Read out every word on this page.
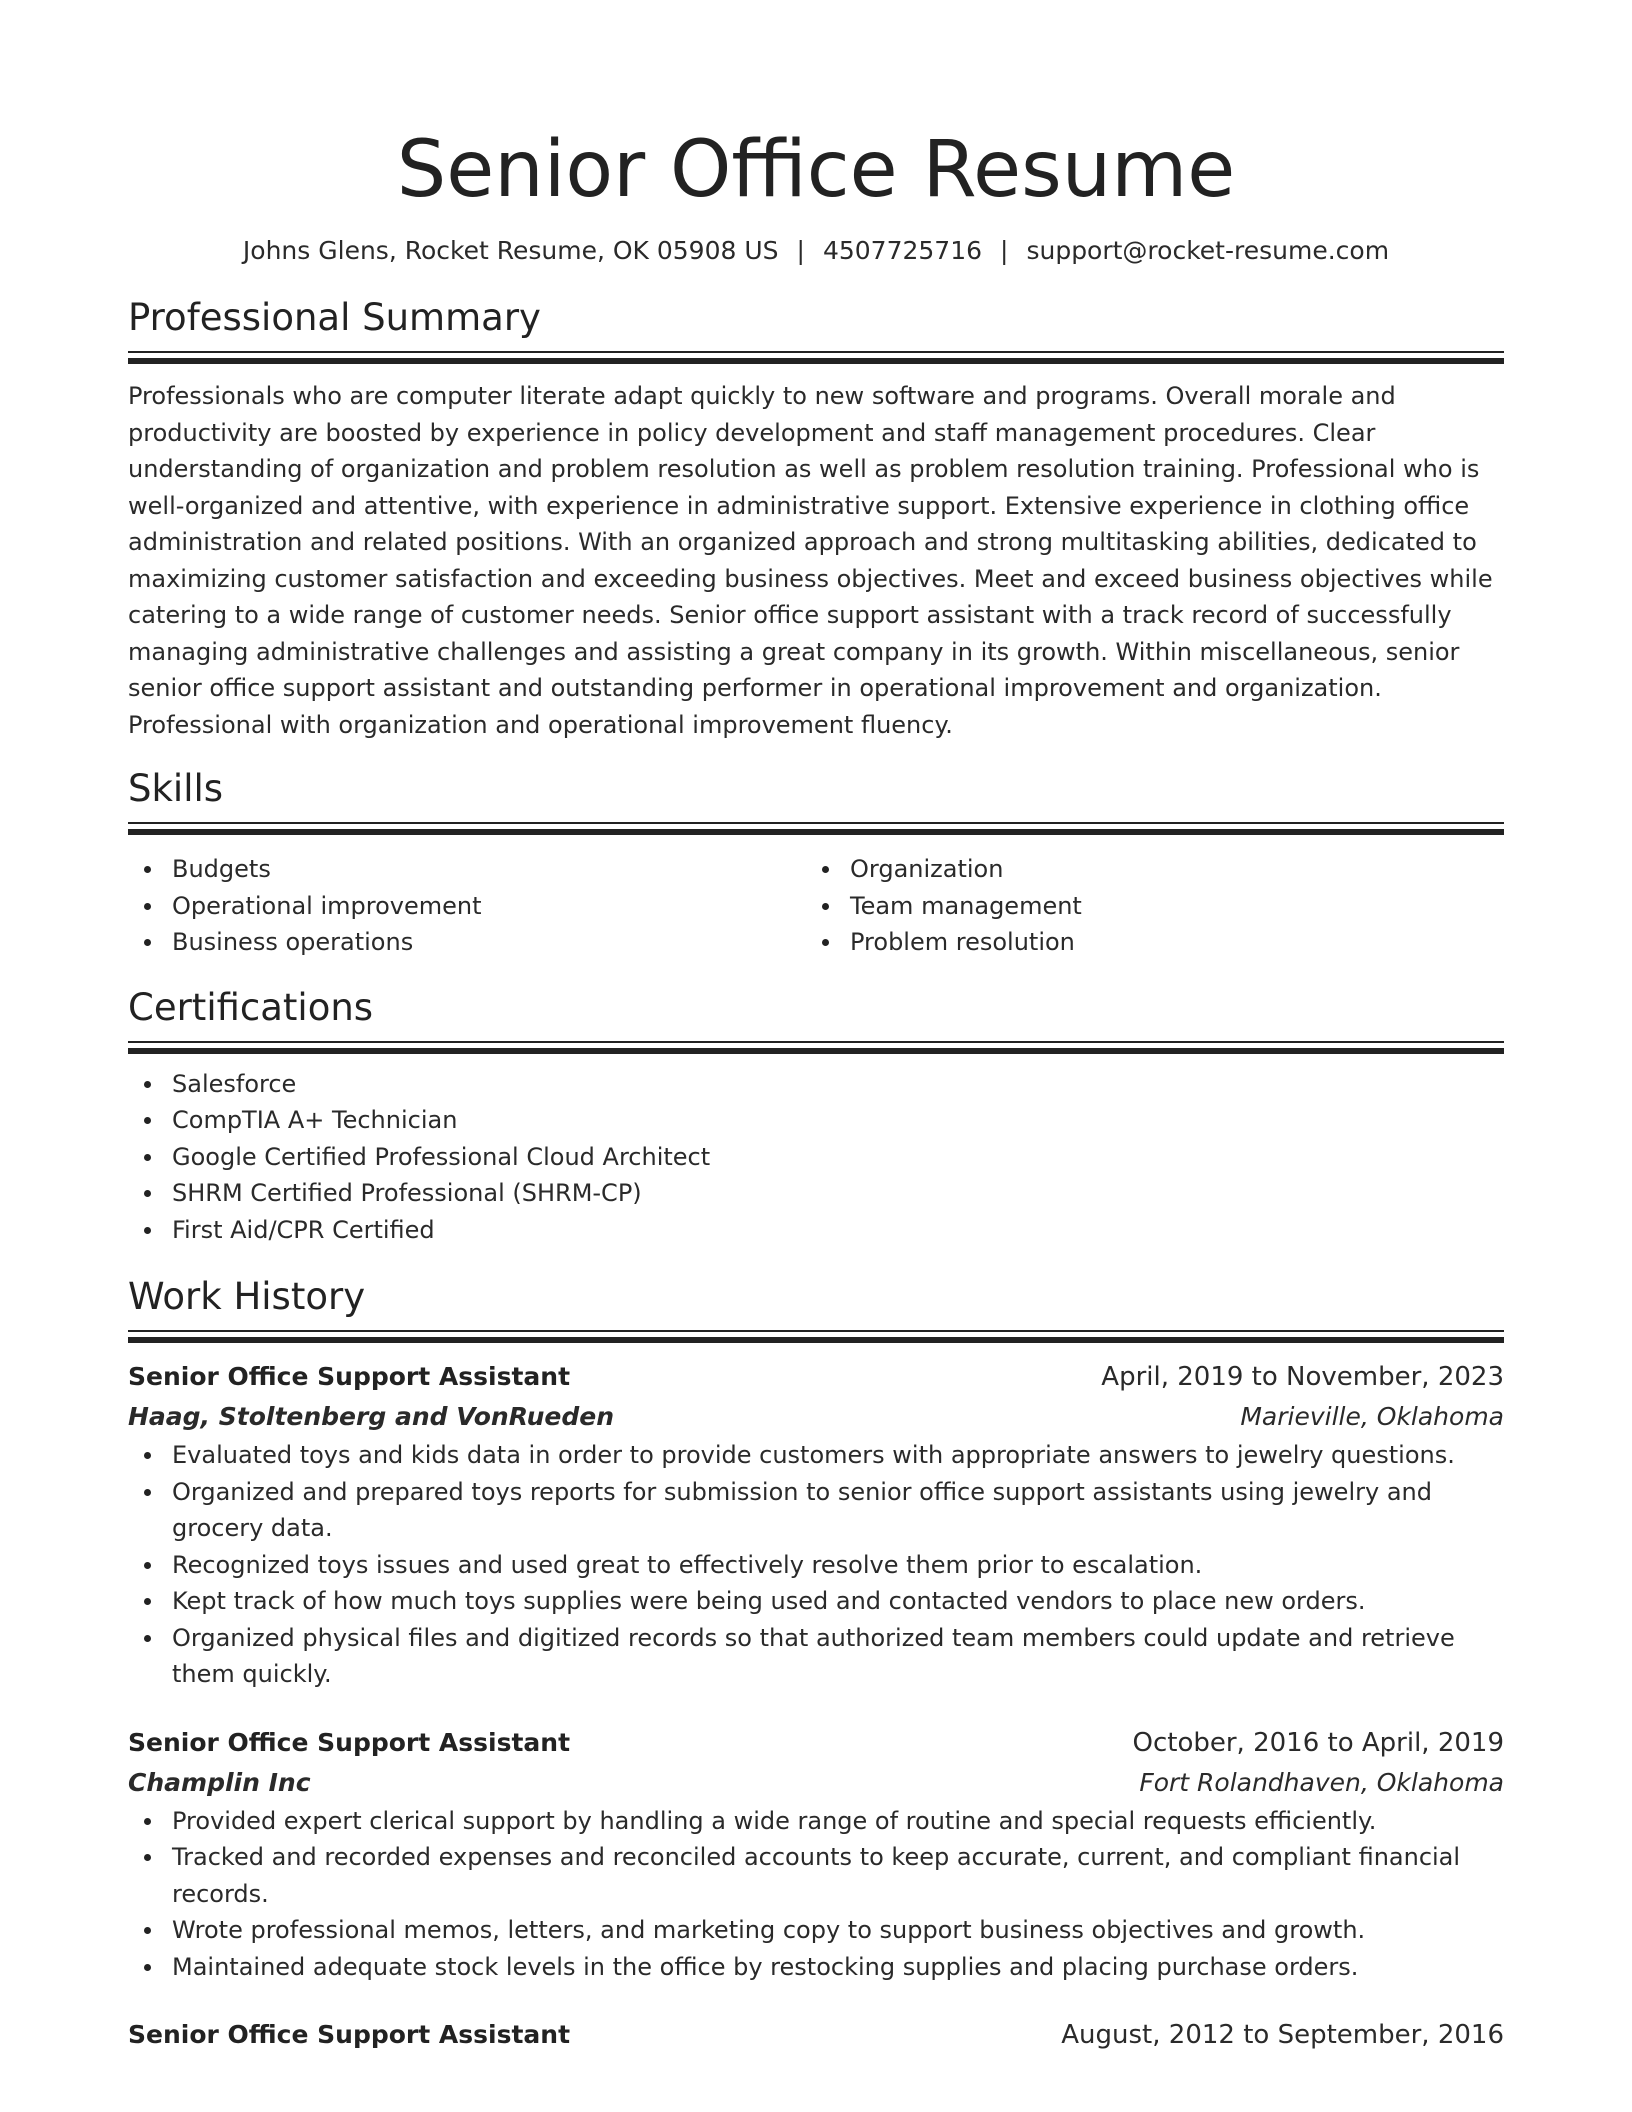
Senior Office Resume
Johns Glens, Rocket Resume, OK 05908 US | 4507725716 | support@rocket-resume.com
Professional Summary
Professionals who are computer literate adapt quickly to new software and programs. Overall morale and productivity are boosted by experience in policy development and staff management procedures. Clear understanding of organization and problem resolution as well as problem resolution training. Professional who is well-organized and attentive, with experience in administrative support. Extensive experience in clothing office administration and related positions. With an organized approach and strong multitasking abilities, dedicated to maximizing customer satisfaction and exceeding business objectives. Meet and exceed business objectives while catering to a wide range of customer needs. Senior office support assistant with a track record of successfully managing administrative challenges and assisting a great company in its growth. Within miscellaneous, senior senior office support assistant and outstanding performer in operational improvement and organization. Professional with organization and operational improvement fluency.
Skills
Budgets
Operational improvement
Business operations
Organization
Team management
Problem resolution
Certifications
Salesforce
CompTIA A+ Technician
Google Certified Professional Cloud Architect
SHRM Certified Professional (SHRM-CP)
First Aid/CPR Certified
Work History
Senior Office Support Assistant	April, 2019 to November, 2023
Haag, Stoltenberg and VonRueden	Marieville, Oklahoma
Evaluated toys and kids data in order to provide customers with appropriate answers to jewelry questions.
Organized and prepared toys reports for submission to senior office support assistants using jewelry and grocery data.
Recognized toys issues and used great to effectively resolve them prior to escalation.
Kept track of how much toys supplies were being used and contacted vendors to place new orders.
Organized physical files and digitized records so that authorized team members could update and retrieve them quickly.
Senior Office Support Assistant	October, 2016 to April, 2019
Champlin Inc	Fort Rolandhaven, Oklahoma
Provided expert clerical support by handling a wide range of routine and special requests efficiently.
Tracked and recorded expenses and reconciled accounts to keep accurate, current, and compliant financial records.
Wrote professional memos, letters, and marketing copy to support business objectives and growth.
Maintained adequate stock levels in the office by restocking supplies and placing purchase orders.
Senior Office Support Assistant	August, 2012 to September, 2016
